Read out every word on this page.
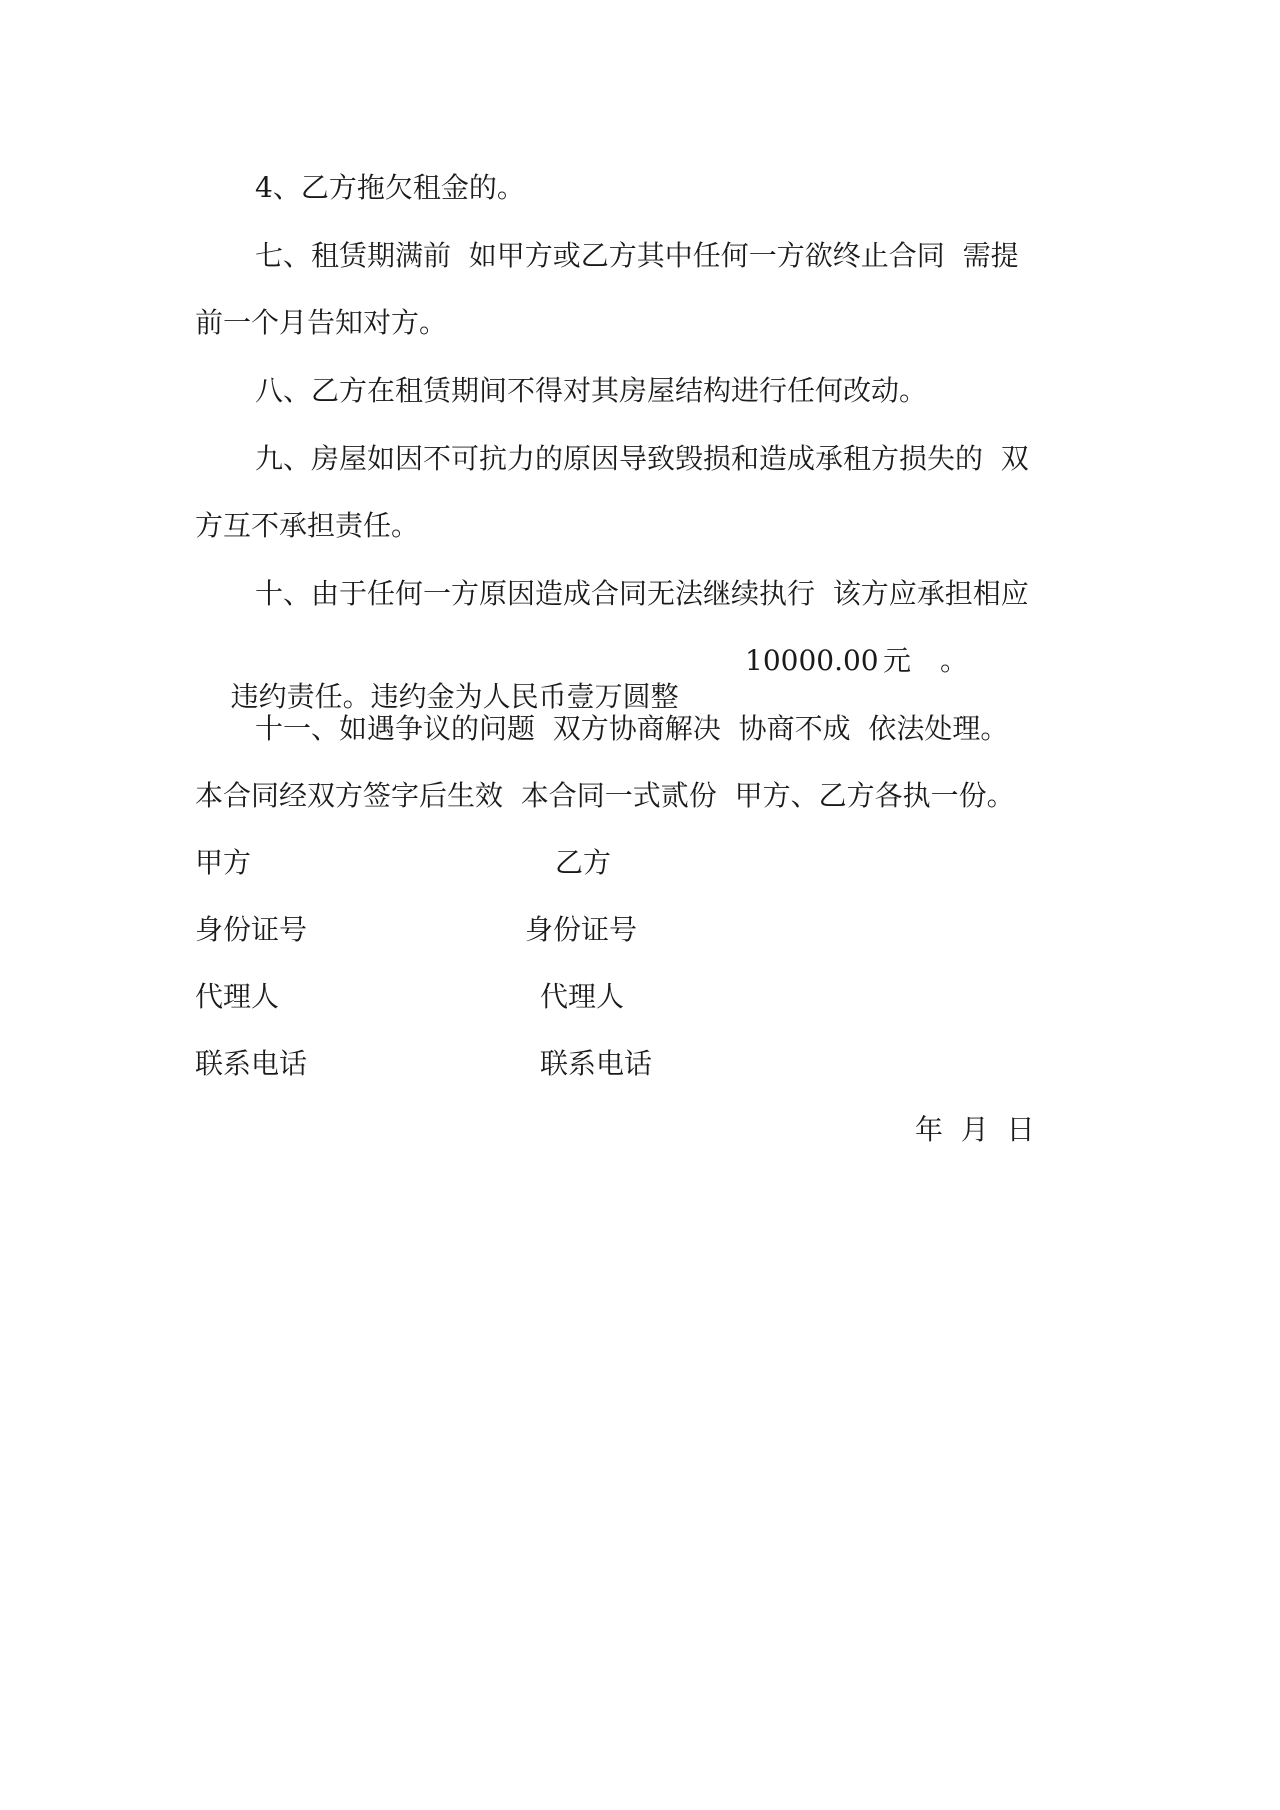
4、乙方拖欠租金的。
七、租赁期满前  如甲方或乙方其中任何一方欲终止合同  需提
前一个月告知对方。
八、乙方在租赁期间不得对其房屋结构进行任何改动。
九、房屋如因不可抗力的原因导致毁损和造成承租方损失的  双
方互不承担责任。
十、由于任何一方原因造成合同无法继续执行  该方应承担相应

违约责任。违约金为人民币壹万圆整

10000.00 元 。
十一、如遇争议的问题  双方协商解决  协商不成  依法处理。
本合同经双方签字后生效  本合同一式贰份  甲方、乙方各执一份。
甲方	乙方
身份证号	身份证号
代理人	代理人
联系电话	联系电话
年  月  日
